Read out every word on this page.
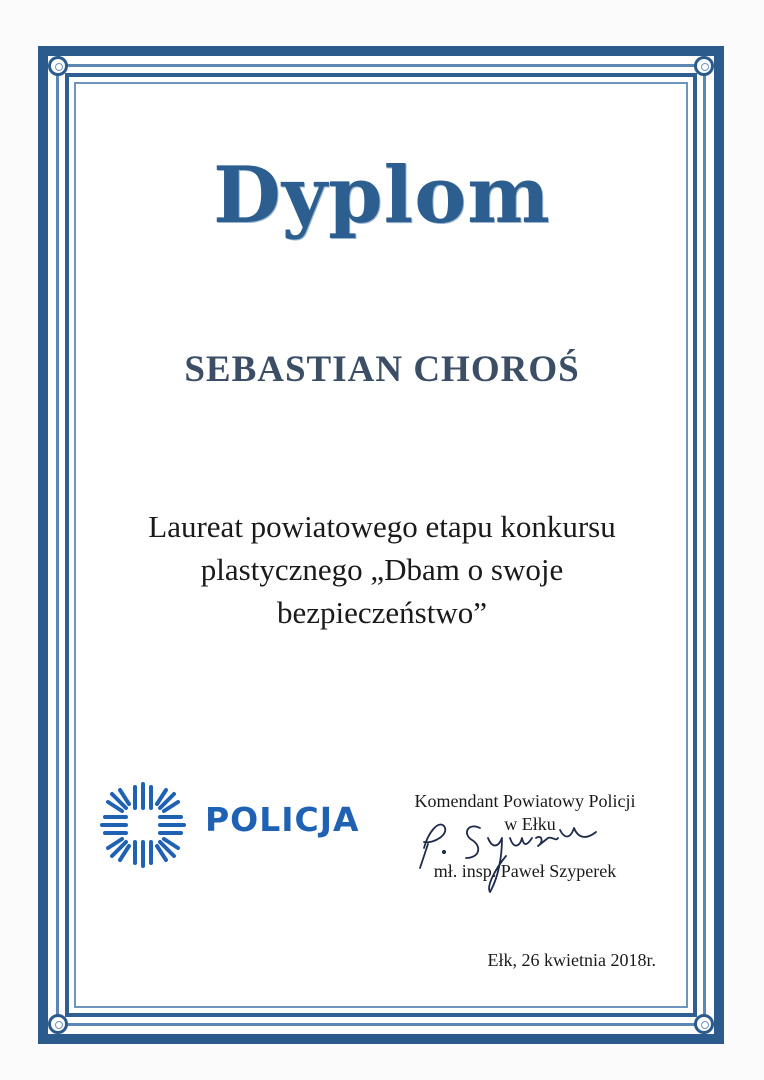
Dyplom
SEBASTIAN CHOROŚ
Laureat powiatowego etapu konkursu
plastycznego „Dbam o swoje
bezpieczeństwo”
POLICJA	Komendant Powiatowy Policji
w Ełku
mł. insp. Paweł Szyperek
Ełk, 26 kwietnia 2018r.
